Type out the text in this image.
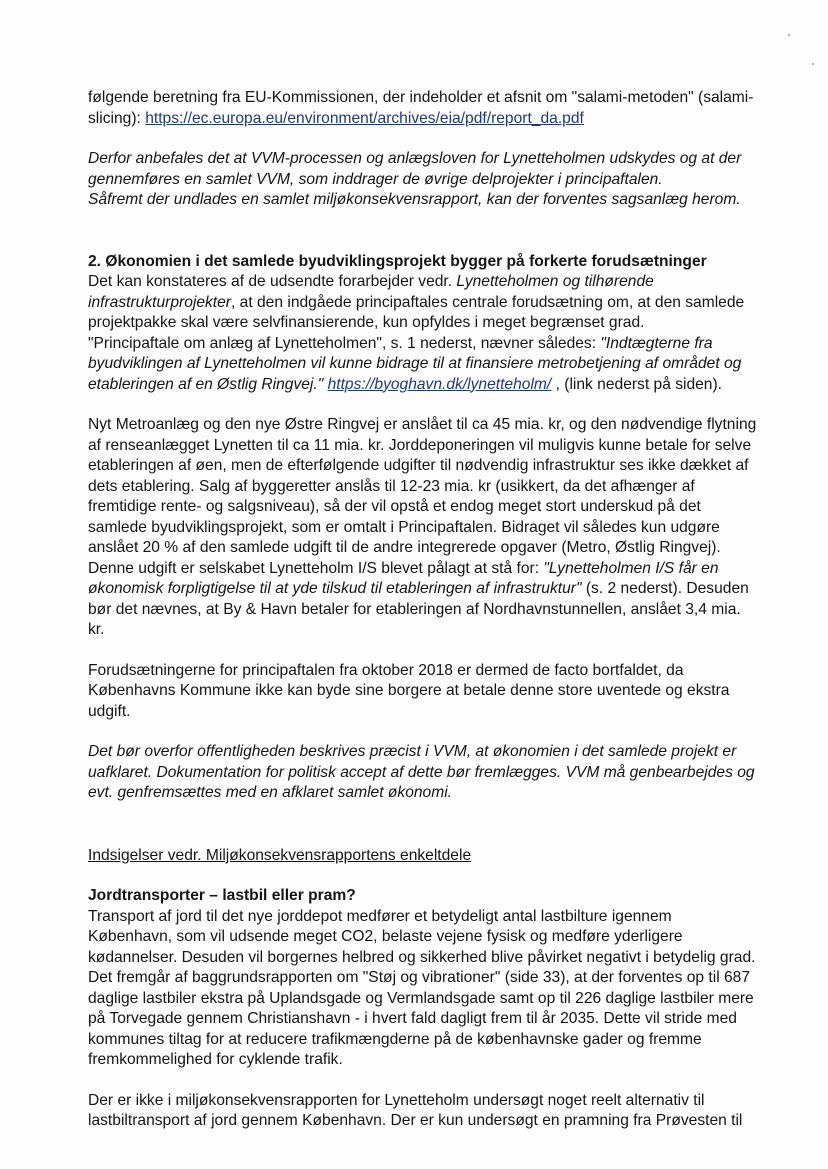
følgende beretning fra EU-Kommissionen, der indeholder et afsnit om "salami-metoden" (salami-slicing): https://ec.europa.eu/environment/archives/eia/pdf/report_da.pdf

Derfor anbefales det at VVM-processen og anlægsloven for Lynetteholmen udskydes og at der gennemføres en samlet VVM, som inddrager de øvrige delprojekter i principaftalen.
Såfremt der undlades en samlet miljøkonsekvensrapport, kan der forventes sagsanlæg herom.

2. Økonomien i det samlede byudviklingsprojekt bygger på forkerte forudsætninger

Det kan konstateres af de udsendte forarbejder vedr. Lynetteholmen og tilhørende infrastrukturprojekter, at den indgåede principaftales centrale forudsætning om, at den samlede projektpakke skal være selvfinansierende, kun opfyldes i meget begrænset grad.
"Principaftale om anlæg af Lynetteholmen", s. 1 nederst, nævner således: "Indtægterne fra byudviklingen af Lynetteholmen vil kunne bidrage til at finansiere metrobetjening af området og etableringen af en Østlig Ringvej." https://byoghavn.dk/lynetteholm/ , (link nederst på siden).

Nyt Metroanlæg og den nye Østre Ringvej er anslået til ca 45 mia. kr, og den nødvendige flytning af renseanlægget Lynetten til ca 11 mia. kr. Jorddeponeringen vil muligvis kunne betale for selve etableringen af øen, men de efterfølgende udgifter til nødvendig infrastruktur ses ikke dækket af dets etablering. Salg af byggeretter anslås til 12-23 mia. kr (usikkert, da det afhænger af fremtidige rente- og salgsniveau), så der vil opstå et endog meget stort underskud på det samlede byudviklingsprojekt, som er omtalt i Principaftalen. Bidraget vil således kun udgøre anslået 20 % af den samlede udgift til de andre integrerede opgaver (Metro, Østlig Ringvej). Denne udgift er selskabet Lynetteholm I/S blevet pålagt at stå for: "Lynetteholmen I/S får en økonomisk forpligtigelse til at yde tilskud til etableringen af infrastruktur" (s. 2 nederst). Desuden bør det nævnes, at By & Havn betaler for etableringen af Nordhavnstunnellen, anslået 3,4 mia. kr.

Forudsætningerne for principaftalen fra oktober 2018 er dermed de facto bortfaldet, da Københavns Kommune ikke kan byde sine borgere at betale denne store uventede og ekstra udgift.

Det bør overfor offentligheden beskrives præcist i VVM, at økonomien i det samlede projekt er uafklaret. Dokumentation for politisk accept af dette bør fremlægges. VVM må genbearbejdes og evt. genfremsættes med en afklaret samlet økonomi.

Indsigelser vedr. Miljøkonsekvensrapportens enkeltdele

Jordtransporter – lastbil eller pram?

Transport af jord til det nye jorddepot medfører et betydeligt antal lastbilture igennem København, som vil udsende meget CO2, belaste vejene fysisk og medføre yderligere kødannelser. Desuden vil borgernes helbred og sikkerhed blive påvirket negativt i betydelig grad.

Det fremgår af baggrundsrapporten om "Støj og vibrationer" (side 33), at der forventes op til 687 daglige lastbiler ekstra på Uplandsgade og Vermlandsgade samt op til 226 daglige lastbiler mere på Torvegade gennem Christianshavn - i hvert fald dagligt frem til år 2035. Dette vil stride med kommunes tiltag for at reducere trafikmængderne på de københavnske gader og fremme fremkommelighed for cyklende trafik.

Der er ikke i miljøkonsekvensrapporten for Lynetteholm undersøgt noget reelt alternativ til lastbiltransport af jord gennem København. Der er kun undersøgt en pramning fra Prøvesten til
